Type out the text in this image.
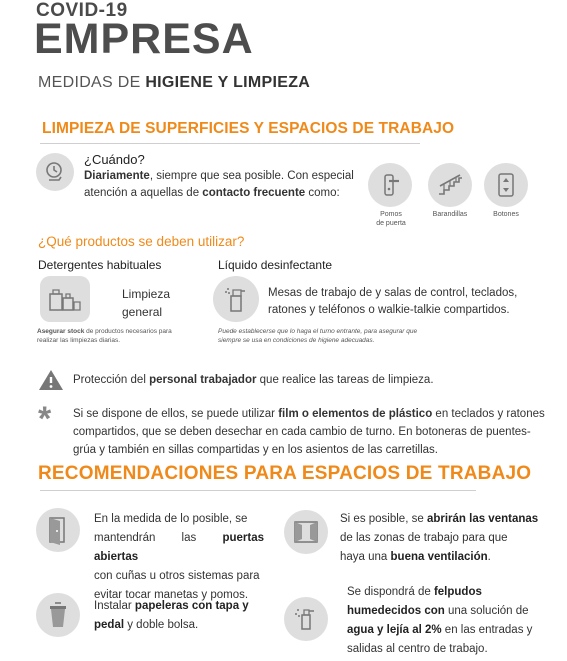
COVID-19
EMPRESA
MEDIDAS DE HIGIENE Y LIMPIEZA
LIMPIEZA DE SUPERFICIES Y ESPACIOS DE TRABAJO
¿Cuándo?
Diariamente, siempre que sea posible. Con especial
atención a aquellas de contacto frecuente como:
Pomos
de puerta
Barandillas	Botones
¿Qué productos se deben utilizar?
Detergentes habituales
Limpieza
general
Asegurar stock de productos necesarios para
realizar las limpiezas diarias.
Líquido desinfectante
Mesas de trabajo de y salas de control, teclados,
ratones y teléfonos o walkie-talkie compartidos.
Puede establecerse que lo haga el turno entrante, para asegurar que
siempre se usa en condiciones de higiene adecuadas.
Protección del personal trabajador que realice las tareas de limpieza.
* Si se dispone de ellos, se puede utilizar film o elementos de plástico en teclados y ratones
compartidos, que se deben desechar en cada cambio de turno. En botoneras de puentes-
grúa y también en sillas compartidas y en los asientos de las carretillas.
RECOMENDACIONES PARA ESPACIOS DE TRABAJO
En la medida de lo posible, se
mantendrán las puertas abiertas
con cuñas u otros sistemas para
evitar tocar manetas y pomos.
Si es posible, se abrirán las ventanas
de las zonas de trabajo para que
haya una buena ventilación.
Instalar papeleras con tapa y
pedal y doble bolsa.
Se dispondrá de felpudos
humedecidos con una solución de
agua y lejía al 2% en las entradas y
salidas al centro de trabajo.
